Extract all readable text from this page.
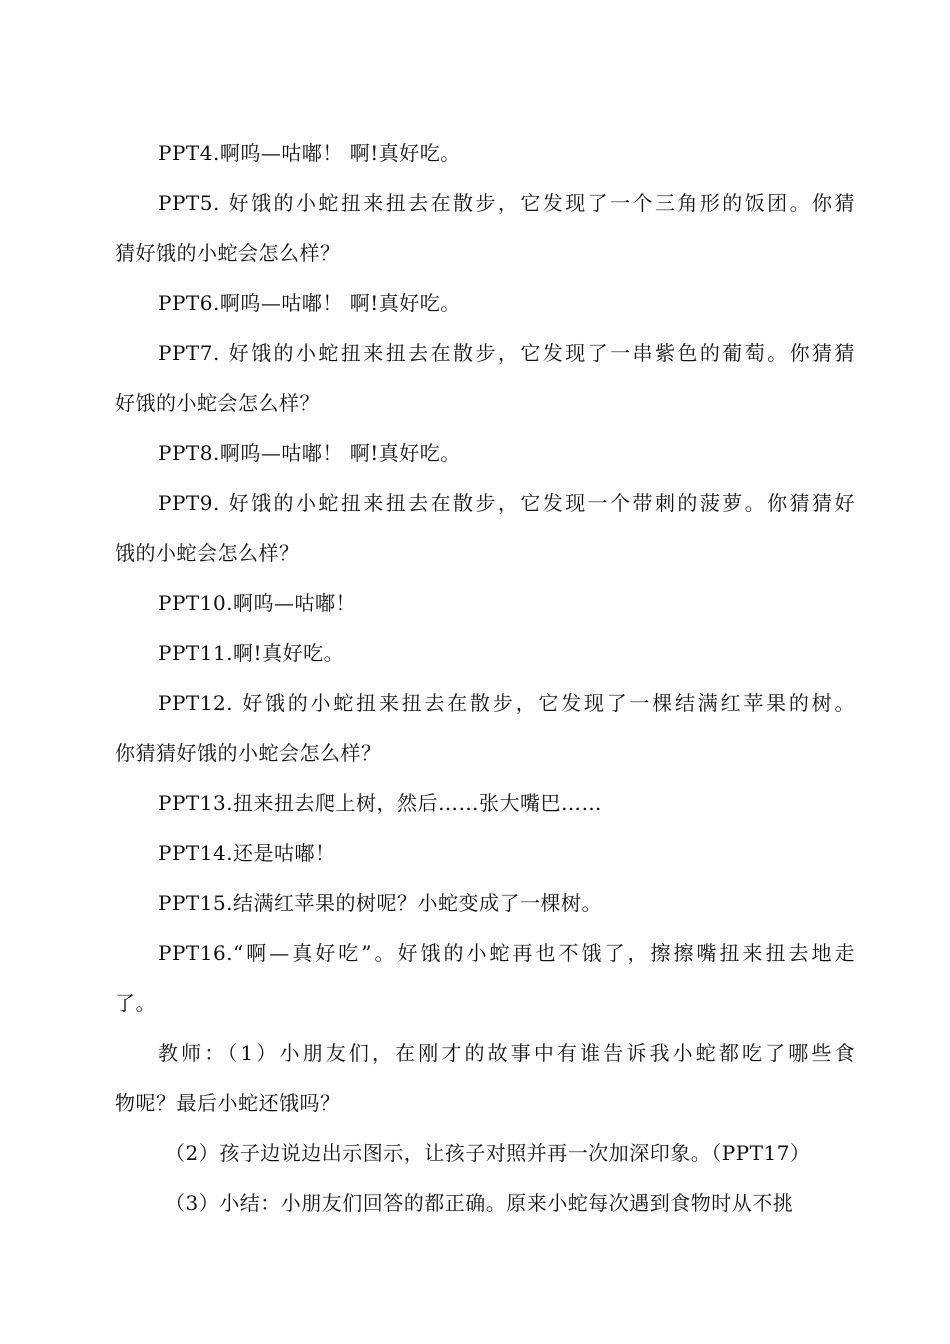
PPT4.啊呜—咕嘟！ 啊!真好吃。
PPT5. 好饿的小蛇扭来扭去在散步，它发现了一个三角形的饭团。你猜
猜好饿的小蛇会怎么样？
PPT6.啊呜—咕嘟！ 啊!真好吃。
PPT7. 好饿的小蛇扭来扭去在散步，它发现了一串紫色的葡萄。你猜猜
好饿的小蛇会怎么样？
PPT8.啊呜—咕嘟！ 啊!真好吃。
PPT9. 好饿的小蛇扭来扭去在散步，它发现一个带刺的菠萝。你猜猜好
饿的小蛇会怎么样？
PPT10.啊呜—咕嘟！
PPT11.啊!真好吃。
PPT12. 好饿的小蛇扭来扭去在散步，它发现了一棵结满红苹果的树。
你猜猜好饿的小蛇会怎么样？
PPT13.扭来扭去爬上树，然后……张大嘴巴……
PPT14.还是咕嘟！
PPT15.结满红苹果的树呢？小蛇变成了一棵树。
PPT16.“啊—真好吃”。好饿的小蛇再也不饿了，擦擦嘴扭来扭去地走
了。
教师：（1）小朋友们，在刚才的故事中有谁告诉我小蛇都吃了哪些食
物呢？最后小蛇还饿吗？
（2）孩子边说边出示图示，让孩子对照并再一次加深印象。（PPT17）
（3）小结：小朋友们回答的都正确。原来小蛇每次遇到食物时从不挑
